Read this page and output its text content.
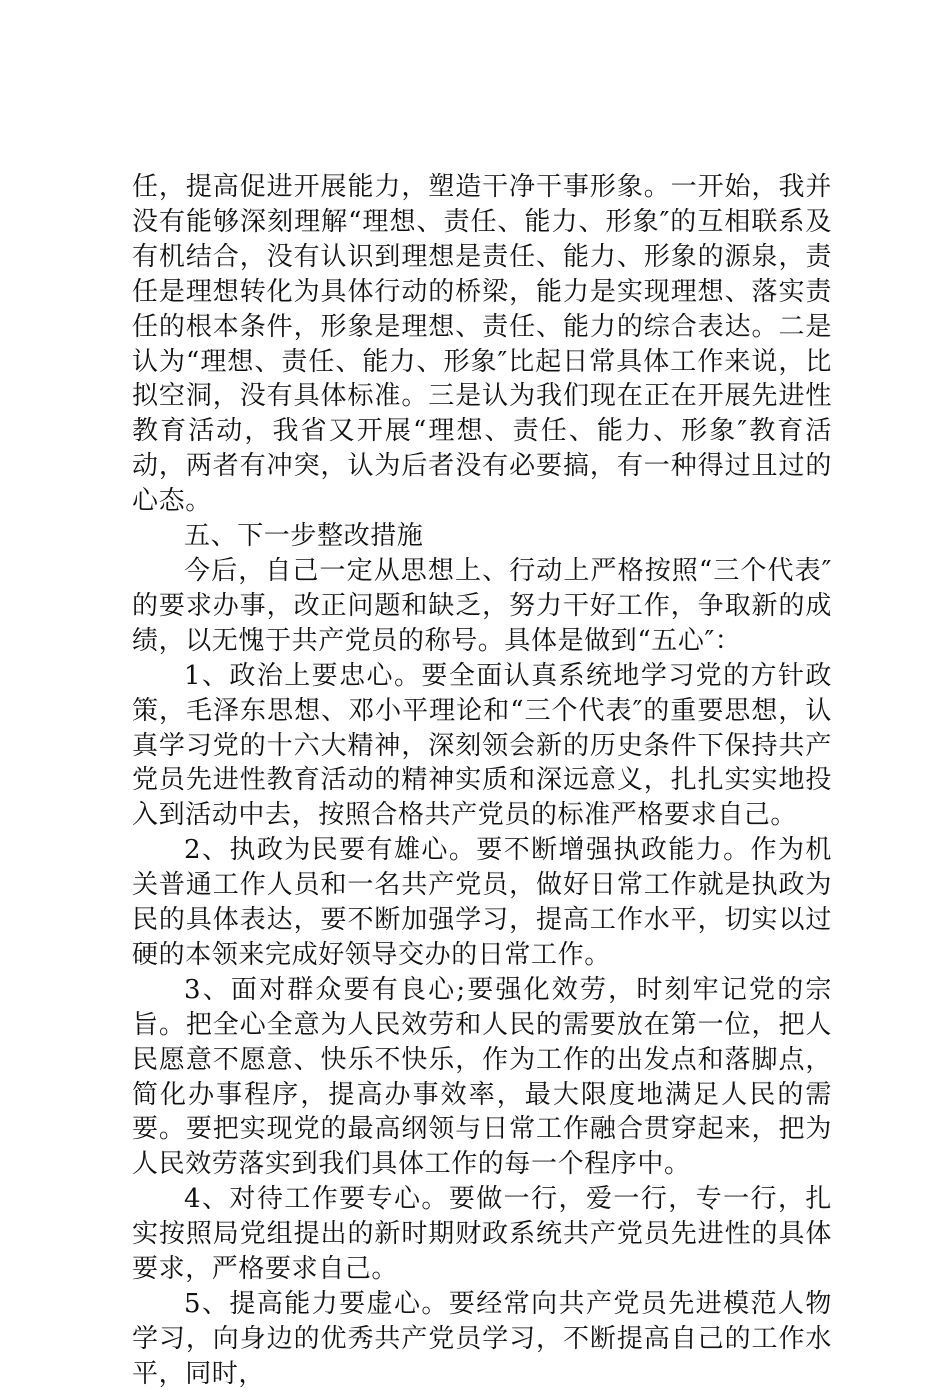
任，提高促进开展能力，塑造干净干事形象。一开始，我并没有能够深刻理解“理想、责任、能力、形象″的互相联系及有机结合，没有认识到理想是责任、能力、形象的源泉，责任是理想转化为具体行动的桥梁，能力是实现理想、落实责任的根本条件，形象是理想、责任、能力的综合表达。二是认为“理想、责任、能力、形象″比起日常具体工作来说，比拟空洞，没有具体标准。三是认为我们现在正在开展先进性教育活动，我省又开展“理想、责任、能力、形象″教育活动，两者有冲突，认为后者没有必要搞，有一种得过且过的心态。

五、下一步整改措施

今后，自己一定从思想上、行动上严格按照“三个代表″的要求办事，改正问题和缺乏，努力干好工作，争取新的成绩，以无愧于共产党员的称号。具体是做到“五心″：

1、政治上要忠心。要全面认真系统地学习党的方针政策，毛泽东思想、邓小平理论和“三个代表″的重要思想，认真学习党的十六大精神，深刻领会新的历史条件下保持共产党员先进性教育活动的精神实质和深远意义，扎扎实实地投入到活动中去，按照合格共产党员的标准严格要求自己。

2、执政为民要有雄心。要不断增强执政能力。作为机关普通工作人员和一名共产党员，做好日常工作就是执政为民的具体表达，要不断加强学习，提高工作水平，切实以过硬的本领来完成好领导交办的日常工作。

3、面对群众要有良心;要强化效劳，时刻牢记党的宗旨。把全心全意为人民效劳和人民的需要放在第一位，把人民愿意不愿意、快乐不快乐，作为工作的出发点和落脚点，简化办事程序，提高办事效率，最大限度地满足人民的需要。要把实现党的最高纲领与日常工作融合贯穿起来，把为人民效劳落实到我们具体工作的每一个程序中。

4、对待工作要专心。要做一行，爱一行，专一行，扎实按照局党组提出的新时期财政系统共产党员先进性的具体要求，严格要求自己。

5、提高能力要虚心。要经常向共产党员先进模范人物学习，向身边的优秀共产党员学习，不断提高自己的工作水平，同时，
